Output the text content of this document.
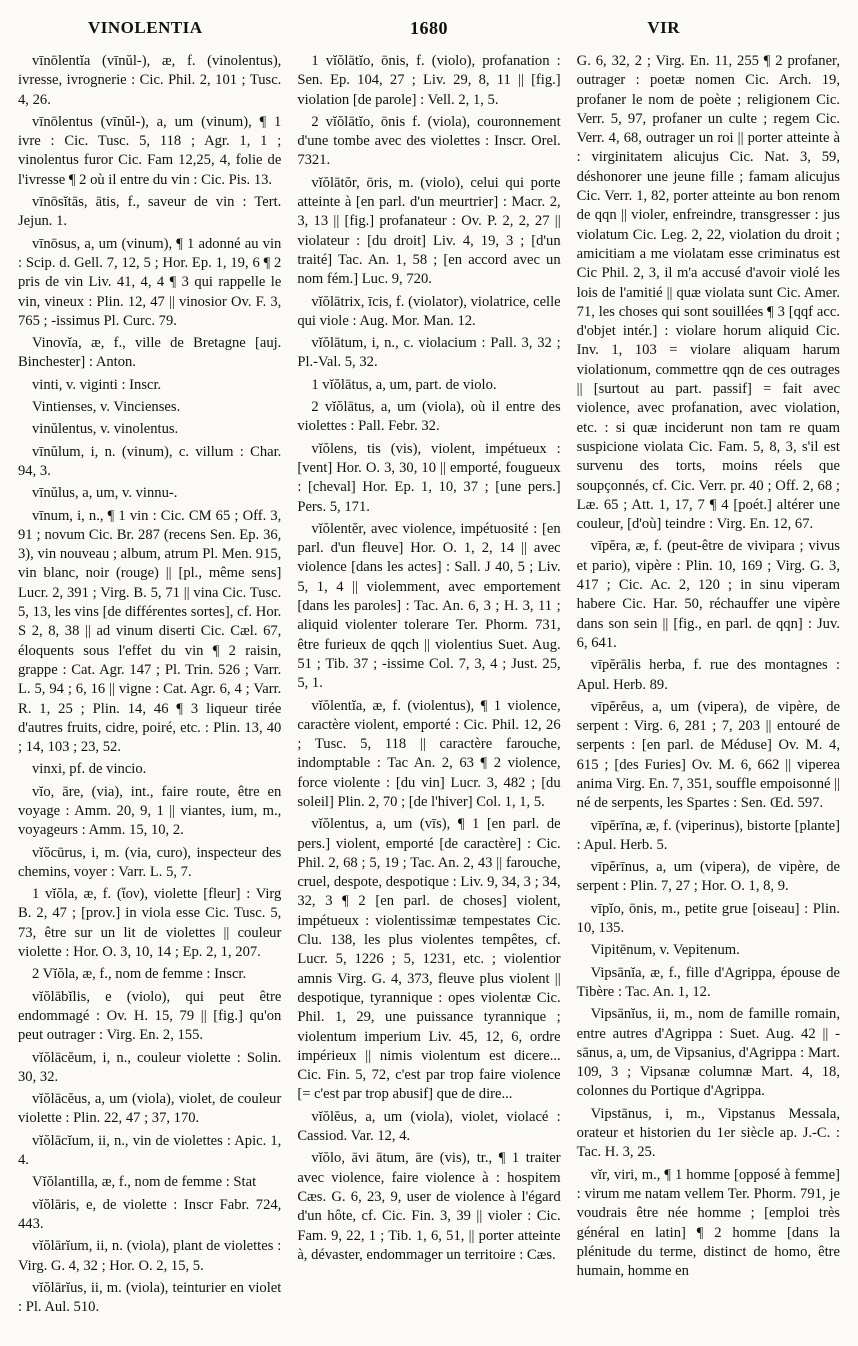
VINOLENTIA	1680	VIR

vīnōlentĭa (vīnŭl-), æ, f. (vinolentus), ivresse, ivrognerie : Cic. Phil. 2, 101 ; Tusc. 4, 26.

vīnōlentus (vīnŭl-), a, um (vinum), ¶ 1 ivre : Cic. Tusc. 5, 118 ; Agr. 1, 1 ; vinolentus furor Cic. Fam 12,25, 4, folie de l'ivresse ¶ 2 où il entre du vin : Cic. Pis. 13.

vīnōsĭtās, ātis, f., saveur de vin : Tert. Jejun. 1.

vīnōsus, a, um (vinum), ¶ 1 adonné au vin : Scip. d. Gell. 7, 12, 5 ; Hor. Ep. 1, 19, 6 ¶ 2 pris de vin Liv. 41, 4, 4 ¶ 3 qui rappelle le vin, vineux : Plin. 12, 47 || vinosior Ov. F. 3, 765 ; -issimus Pl. Curc. 79.

Vinovĭa, æ, f., ville de Bretagne [auj. Binchester] : Anton.

vinti, v. viginti : Inscr.

Vintienses, v. Vincienses.

vinŭlentus, v. vinolentus.

vīnŭlum, i, n. (vinum), c. villum : Char. 94, 3.

vīnŭlus, a, um, v. vinnu-.

vīnum, i, n., ¶ 1 vin : Cic. CM 65 ; Off. 3, 91 ; novum Cic. Br. 287 (recens Sen. Ep. 36, 3), vin nouveau ; album, atrum Pl. Men. 915, vin blanc, noir (rouge) || [pl., même sens] Lucr. 2, 391 ; Virg. B. 5, 71 || vina Cic. Tusc. 5, 13, les vins [de différentes sortes], cf. Hor. S 2, 8, 38 || ad vinum diserti Cic. Cæl. 67, éloquents sous l'effet du vin ¶ 2 raisin, grappe : Cat. Agr. 147 ; Pl. Trin. 526 ; Varr. L. 5, 94 ; 6, 16 || vigne : Cat. Agr. 6, 4 ; Varr. R. 1, 25 ; Plin. 14, 46 ¶ 3 liqueur tirée d'autres fruits, cidre, poiré, etc. : Plin. 13, 40 ; 14, 103 ; 23, 52.

vinxi, pf. de vincio.

vĭo, āre, (via), int., faire route, être en voyage : Amm. 20, 9, 1 || viantes, ium, m., voyageurs : Amm. 15, 10, 2.

vĭŏcūrus, i, m. (via, curo), inspecteur des chemins, voyer : Varr. L. 5, 7.

1 vĭŏla, æ, f. (ἴον), violette [fleur] : Virg B. 2, 47 ; [prov.] in viola esse Cic. Tusc. 5, 73, être sur un lit de violettes || couleur violette : Hor. O. 3, 10, 14 ; Ep. 2, 1, 207.

2 Vĭŏla, æ, f., nom de femme : Inscr.

vĭŏlābĭlis, e (violo), qui peut être endommagé : Ov. H. 15, 79 || [fig.] qu'on peut outrager : Virg. En. 2, 155.

vĭŏlācĕum, i, n., couleur violette : Solin. 30, 32.

vĭŏlācĕus, a, um (viola), violet, de couleur violette : Plin. 22, 47 ; 37, 170.

vĭŏlācĭum, ii, n., vin de violettes : Apic. 1, 4.

Vĭŏlantilla, æ, f., nom de femme : Stat

vĭŏlāris, e, de violette : Inscr Fabr. 724, 443.

vĭŏlārĭum, ii, n. (viola), plant de violettes : Virg. G. 4, 32 ; Hor. O. 2, 15, 5.

vĭŏlārĭus, ii, m. (viola), teinturier en violet : Pl. Aul. 510.

1 vĭŏlātĭo, ōnis, f. (violo), profanation : Sen. Ep. 104, 27 ; Liv. 29, 8, 11 || [fig.] violation [de parole] : Vell. 2, 1, 5.

2 vĭŏlātĭo, ōnis f. (viola), couronnement d'une tombe avec des violettes : Inscr. Orel. 7321.

vĭŏlātŏr, ōris, m. (violo), celui qui porte atteinte à [en parl. d'un meurtrier] : Macr. 2, 3, 13 || [fig.] profanateur : Ov. P. 2, 2, 27 || violateur : [du droit] Liv. 4, 19, 3 ; [d'un traité] Tac. An. 1, 58 ; [en accord avec un nom fém.] Luc. 9, 720.

vĭŏlātrix, īcis, f. (violator), violatrice, celle qui viole : Aug. Mor. Man. 12.

vĭŏlātum, i, n., c. violacium : Pall. 3, 32 ; Pl.-Val. 5, 32.

1 vĭŏlātus, a, um, part. de violo.

2 vĭŏlātus, a, um (viola), où il entre des violettes : Pall. Febr. 32.

vĭŏlens, tis (vis), violent, impétueux : [vent] Hor. O. 3, 30, 10 || emporté, fougueux : [cheval] Hor. Ep. 1, 10, 37 ; [une pers.] Pers. 5, 171.

vĭŏlentĕr, avec violence, impétuosité : [en parl. d'un fleuve] Hor. O. 1, 2, 14 || avec violence [dans les actes] : Sall. J 40, 5 ; Liv. 5, 1, 4 || violemment, avec emportement [dans les paroles] : Tac. An. 6, 3 ; H. 3, 11 ; aliquid violenter tolerare Ter. Phorm. 731, être furieux de qqch || violentius Suet. Aug. 51 ; Tib. 37 ; -issime Col. 7, 3, 4 ; Just. 25, 5, 1.

vĭŏlentĭa, æ, f. (violentus), ¶ 1 violence, caractère violent, emporté : Cic. Phil. 12, 26 ; Tusc. 5, 118 || caractère farouche, indomptable : Tac An. 2, 63 ¶ 2 violence, force violente : [du vin] Lucr. 3, 482 ; [du soleil] Plin. 2, 70 ; [de l'hiver] Col. 1, 1, 5.

vĭŏlentus, a, um (vīs), ¶ 1 [en parl. de pers.] violent, emporté [de caractère] : Cic. Phil. 2, 68 ; 5, 19 ; Tac. An. 2, 43 || farouche, cruel, despote, despotique : Liv. 9, 34, 3 ; 34, 32, 3 ¶ 2 [en parl. de choses] violent, impétueux : violentissimæ tempestates Cic. Clu. 138, les plus violentes tempêtes, cf. Lucr. 5, 1226 ; 5, 1231, etc. ; violentior amnis Virg. G. 4, 373, fleuve plus violent || despotique, tyrannique : opes violentæ Cic. Phil. 1, 29, une puissance tyrannique ; violentum imperium Liv. 45, 12, 6, ordre impérieux || nimis violentum est dicere... Cic. Fin. 5, 72, c'est par trop faire violence [= c'est par trop abusif] que de dire...

vĭŏlĕus, a, um (viola), violet, violacé : Cassiod. Var. 12, 4.

vĭŏlo, āvi ātum, āre (vis), tr., ¶ 1 traiter avec violence, faire violence à : hospitem Cæs. G. 6, 23, 9, user de violence à l'égard d'un hôte, cf. Cic. Fin. 3, 39 || violer : Cic. Fam. 9, 22, 1 ; Tib. 1, 6, 51, || porter atteinte à, dévaster, endommager un territoire : Cæs.

G. 6, 32, 2 ; Virg. En. 11, 255 ¶ 2 profaner, outrager : poetæ nomen Cic. Arch. 19, profaner le nom de poète ; religionem Cic. Verr. 5, 97, profaner un culte ; regem Cic. Verr. 4, 68, outrager un roi || porter atteinte à : virginitatem alicujus Cic. Nat. 3, 59, déshonorer une jeune fille ; famam alicujus Cic. Verr. 1, 82, porter atteinte au bon renom de qqn || violer, enfreindre, transgresser : jus violatum Cic. Leg. 2, 22, violation du droit ; amicitiam a me violatam esse criminatus est Cic Phil. 2, 3, il m'a accusé d'avoir violé les lois de l'amitié || quæ violata sunt Cic. Amer. 71, les choses qui sont souillées ¶ 3 [qqf acc. d'objet intér.] : violare horum aliquid Cic. Inv. 1, 103 = violare aliquam harum violationum, commettre qqn de ces outrages || [surtout au part. passif] = fait avec violence, avec profanation, avec violation, etc. : si quæ inciderunt non tam re quam suspicione violata Cic. Fam. 5, 8, 3, s'il est survenu des torts, moins réels que soupçonnés, cf. Cic. Verr. pr. 40 ; Off. 2, 68 ; Læ. 65 ; Att. 1, 17, 7 ¶ 4 [poét.] altérer une couleur, [d'où] teindre : Virg. En. 12, 67.

vīpĕra, æ, f. (peut-être de vivipara ; vivus et pario), vipère : Plin. 10, 169 ; Virg. G. 3, 417 ; Cic. Ac. 2, 120 ; in sinu viperam habere Cic. Har. 50, réchauffer une vipère dans son sein || [fig., en parl. de qqn] : Juv. 6, 641.

vīpĕrālis herba, f. rue des montagnes : Apul. Herb. 89.

vīpĕrĕus, a, um (vipera), de vipère, de serpent : Virg. 6, 281 ; 7, 203 || entouré de serpents : [en parl. de Méduse] Ov. M. 4, 615 ; [des Furies] Ov. M. 6, 662 || viperea anima Virg. En. 7, 351, souffle empoisonné || né de serpents, les Spartes : Sen. Œd. 597.

vīpĕrīna, æ, f. (viperinus), bistorte [plante] : Apul. Herb. 5.

vīpĕrīnus, a, um (vipera), de vipère, de serpent : Plin. 7, 27 ; Hor. O. 1, 8, 9.

vīpĭo, ōnis, m., petite grue [oiseau] : Plin. 10, 135.

Vipitēnum, v. Vepitenum.

Vipsānĭa, æ, f., fille d'Agrippa, épouse de Tibère : Tac. An. 1, 12.

Vipsānĭus, ii, m., nom de famille romain, entre autres d'Agrippa : Suet. Aug. 42 || -sānus, a, um, de Vipsanius, d'Agrippa : Mart. 109, 3 ; Vipsanæ columnæ Mart. 4, 18, colonnes du Portique d'Agrippa.

Vipstānus, i, m., Vipstanus Messala, orateur et historien du 1er siècle ap. J.-C. : Tac. H. 3, 25.

vĭr, viri, m., ¶ 1 homme [opposé à femme] : virum me natam vellem Ter. Phorm. 791, je voudrais être née homme ; [emploi très général en latin] ¶ 2 homme [dans la plénitude du terme, distinct de homo, être humain, homme en
